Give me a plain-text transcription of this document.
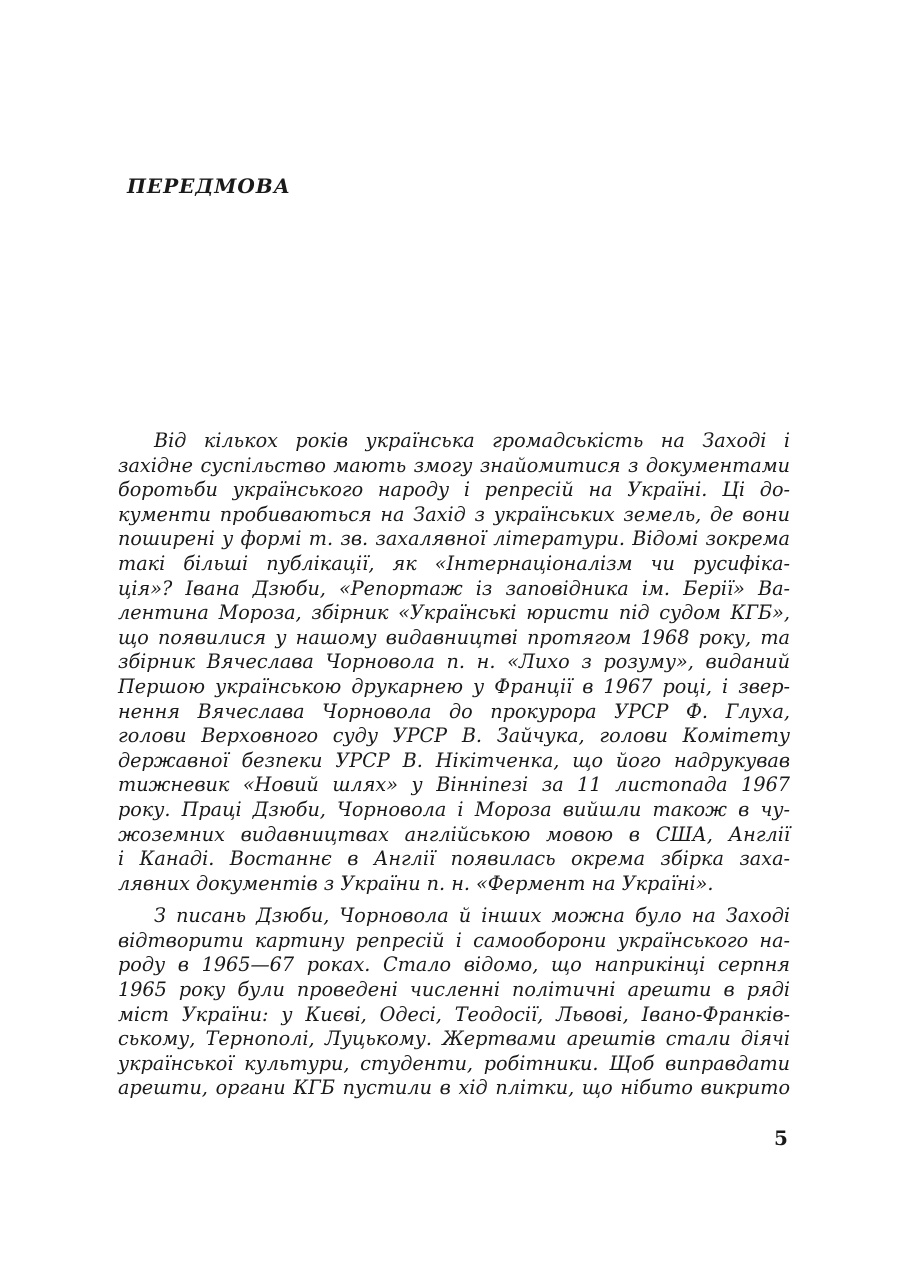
ПЕРЕДМОВА
Від кількох років українська громадськість на Заході і
західне суспільство мають змогу знайомитися з документами
боротьби українського народу і репресій на Україні. Ці до-
кументи пробиваються на Захід з українських земель, де вони
поширені у формі т. зв. захалявної літератури. Відомі зокрема
такі більші публікації, як «Інтернаціоналізм чи русифіка-
ція»? Івана Дзюби, «Репортаж із заповідника ім. Берії» Ва-
лентина Мороза, збірник «Українські юристи під судом КГБ»,
що появилися у нашому видавництві протягом 1968 року, та
збірник Вячеслава Чорновола п. н. «Лихо з розуму», виданий
Першою українською друкарнею у Франції в 1967 році, і звер-
нення Вячеслава Чорновола до прокурора УРСР Ф. Глуха,
голови Верховного суду УРСР В. Зайчука, голови Комітету
державної безпеки УРСР В. Нікітченка, що його надрукував
тижневик «Новий шлях» у Вінніпезі за 11 листопада 1967
року. Праці Дзюби, Чорновола і Мороза вийшли також в чу-
жоземних видавництвах англійською мовою в США, Англії
і Канаді. Востаннє в Англії появилась окрема збірка заха-
лявних документів з України п. н. «Фермент на Україні».
З писань Дзюби, Чорновола й інших можна було на Заході
відтворити картину репресій і самооборони українського на-
роду в 1965—67 роках. Стало відомо, що наприкінці серпня
1965 року були проведені численні політичні арешти в ряді
міст України: у Києві, Одесі, Теодосії, Львові, Івано-Франків-
ському, Тернополі, Луцькому. Жертвами арештів стали діячі
української культури, студенти, робітники. Щоб виправдати
арешти, органи КГБ пустили в хід плітки, що нібито викрито
5
